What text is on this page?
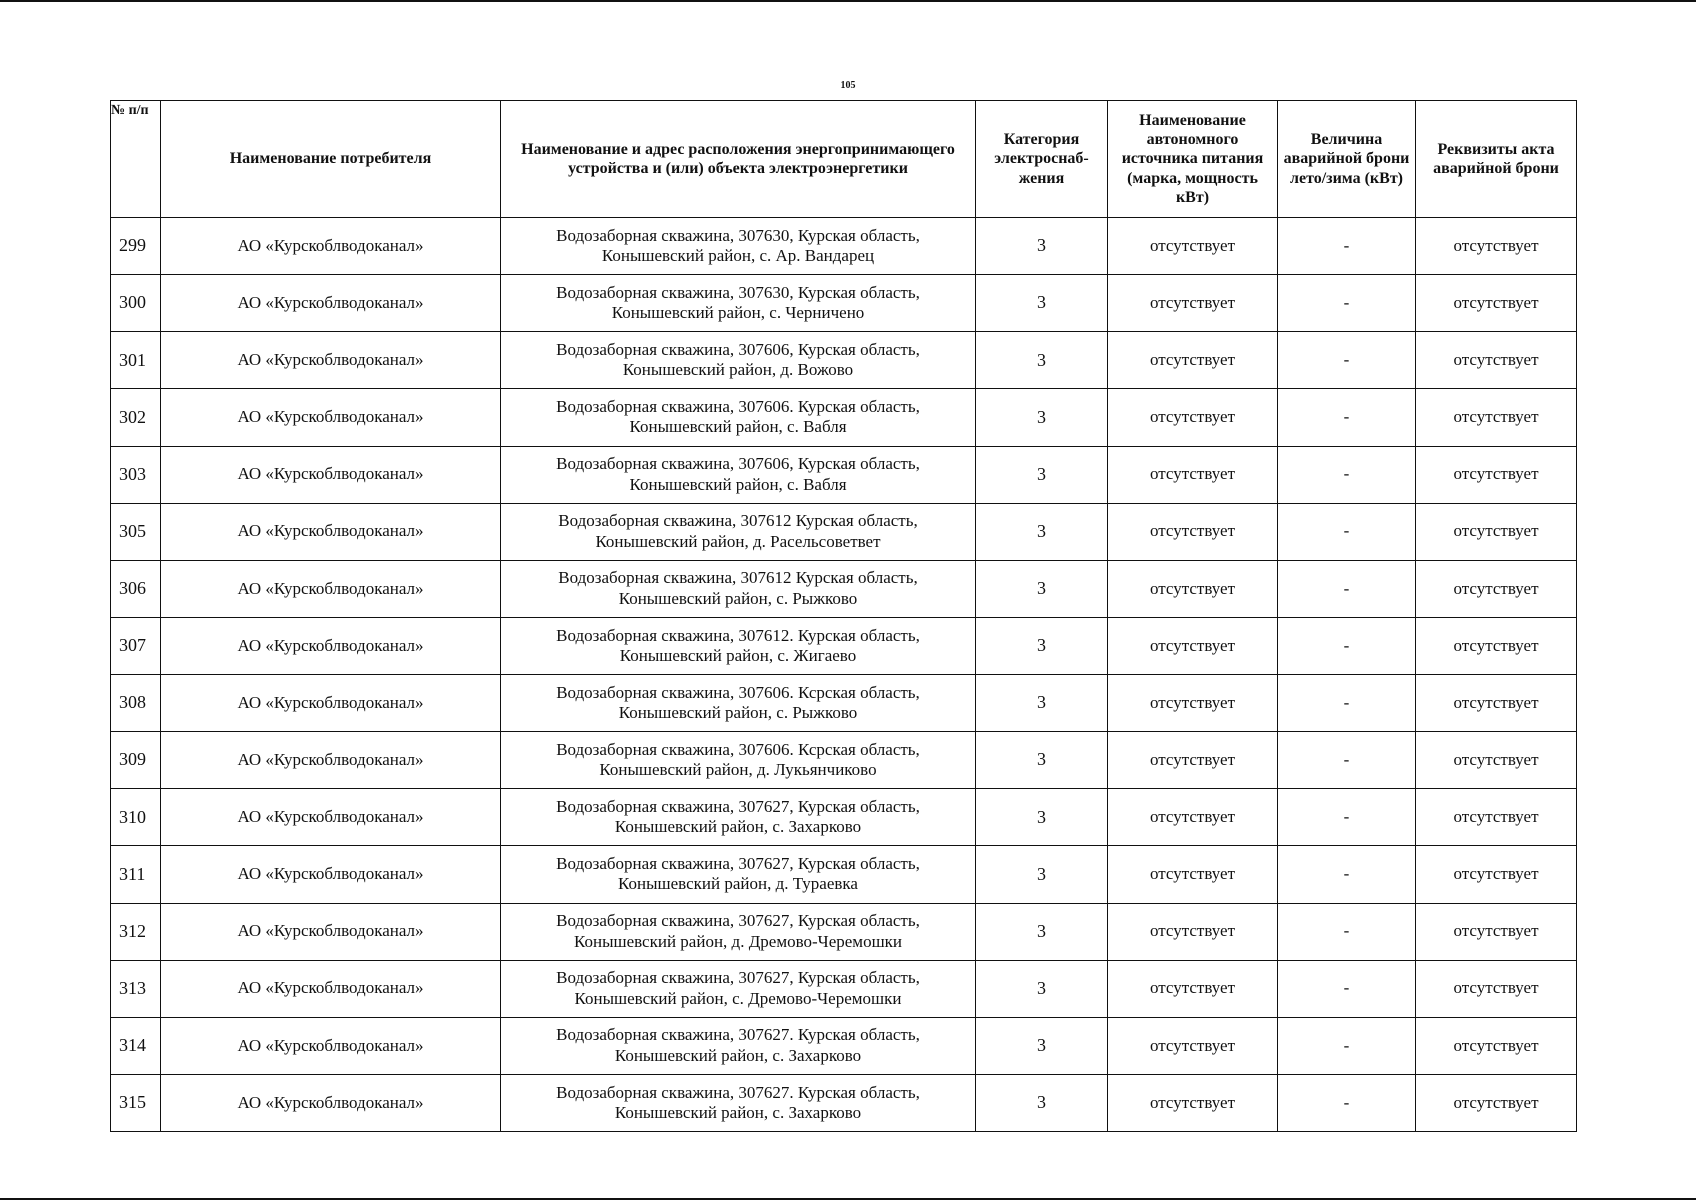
105
№ п/п	Наименование потребителя	Наименование и адрес расположения энергопринимающего устройства и (или) объекта электроэнергетики	Категория электроснаб-жения	Наименование автономного источника питания (марка, мощность кВт)	Величина аварийной брони лето/зима (кВт)	Реквизиты акта аварийной брони
299	АО «Курскоблводоканал»	Водозаборная скважина, 307630, Курская область,
Конышевский район, с. Ар. Вандарец	3	отсутствует	-	отсутствует
300	АО «Курскоблводоканал»	Водозаборная скважина, 307630, Курская область,
Конышевский район, с. Черничено	3	отсутствует	-	отсутствует
301	АО «Курскоблводоканал»	Водозаборная скважина, 307606, Курская область,
Конышевский район, д. Вожово	3	отсутствует	-	отсутствует
302	АО «Курскоблводоканал»	Водозаборная скважина, 307606. Курская область,
Конышевский район, с. Вабля	3	отсутствует	-	отсутствует
303	АО «Курскоблводоканал»	Водозаборная скважина, 307606, Курская область,
Конышевский район, с. Вабля	3	отсутствует	-	отсутствует
305	АО «Курскоблводоканал»	Водозаборная скважина, 307612 Курская область,
Конышевский район, д. Расельсоветвет	3	отсутствует	-	отсутствует
306	АО «Курскоблводоканал»	Водозаборная скважина, 307612 Курская область,
Конышевский район, с. Рыжково	3	отсутствует	-	отсутствует
307	АО «Курскоблводоканал»	Водозаборная скважина, 307612. Курская область,
Конышевский район, с. Жигаево	3	отсутствует	-	отсутствует
308	АО «Курскоблводоканал»	Водозаборная скважина, 307606. Ксрская область,
Конышевский район, с. Рыжково	3	отсутствует	-	отсутствует
309	АО «Курскоблводоканал»	Водозаборная скважина, 307606. Ксрская область,
Конышевский район, д. Лукьянчиково	3	отсутствует	-	отсутствует
310	АО «Курскоблводоканал»	Водозаборная скважина, 307627, Курская область,
Конышевский район, с. Захарково	3	отсутствует	-	отсутствует
311	АО «Курскоблводоканал»	Водозаборная скважина, 307627, Курская область,
Конышевский район, д. Тураевка	3	отсутствует	-	отсутствует
312	АО «Курскоблводоканал»	Водозаборная скважина, 307627, Курская область,
Конышевский район, д. Дремово-Черемошки	3	отсутствует	-	отсутствует
313	АО «Курскоблводоканал»	Водозаборная скважина, 307627, Курская область,
Конышевский район, с. Дремово-Черемошки	3	отсутствует	-	отсутствует
314	АО «Курскоблводоканал»	Водозаборная скважина, 307627. Курская область,
Конышевский район, с. Захарково	3	отсутствует	-	отсутствует
315	АО «Курскоблводоканал»	Водозаборная скважина, 307627. Курская область,
Конышевский район, с. Захарково	3	отсутствует	-	отсутствует
